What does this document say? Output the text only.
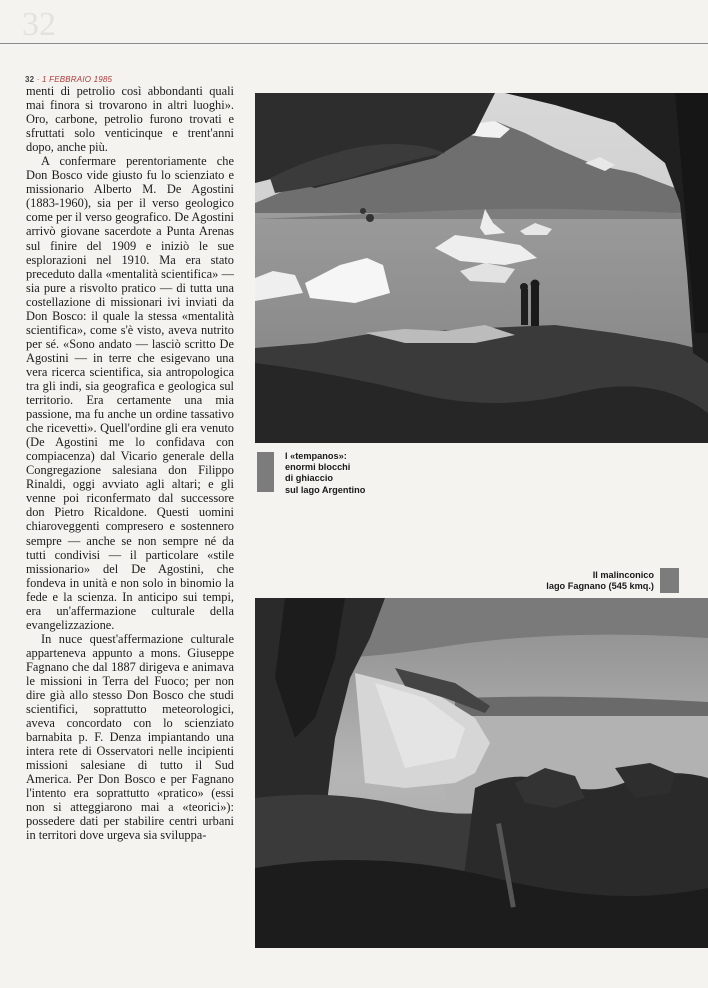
32
32 · 1 FEBBRAIO 1985

menti di petrolio così abbondanti quali mai finora si trovarono in altri luoghi». Oro, carbone, petrolio furono trovati e sfruttati solo venticinque e trent'anni dopo, anche più.

A confermare perentoriamente che Don Bosco vide giusto fu lo scienziato e missionario Alberto M. De Agostini (1883-1960), sia per il verso geologico come per il verso geografico. De Agostini arrivò giovane sacerdote a Punta Arenas sul finire del 1909 e iniziò le sue esplorazioni nel 1910. Ma era stato preceduto dalla «mentalità scientifica» — sia pure a risvolto pratico — di tutta una costellazione di missionari ivi inviati da Don Bosco: il quale la stessa «mentalità scientifica», come s'è visto, aveva nutrito per sé. «Sono andato — lasciò scritto De Agostini — in terre che esigevano una vera ricerca scientifica, sia antropologica tra gli indi, sia geografica e geologica sul territorio. Era certamente una mia passione, ma fu anche un ordine tassativo che ricevetti». Quell'ordine gli era venuto (De Agostini me lo confidava con compiacenza) dal Vicario generale della Congregazione salesiana don Filippo Rinaldi, oggi avviato agli altari; e gli venne poi riconfermato dal successore don Pietro Ricaldone. Questi uomini chiaroveggenti compresero e sostennero sempre — anche se non sempre né da tutti condivisi — il particolare «stile missionario» del De Agostini, che fondeva in unità e non solo in binomio la fede e la scienza. In anticipo sui tempi, era un'affermazione culturale della evangelizzazione.

In nuce quest'affermazione culturale apparteneva appunto a mons. Giuseppe Fagnano che dal 1887 dirigeva e animava le missioni in Terra del Fuoco; per non dire già allo stesso Don Bosco che studi scientifici, soprattutto meteorologici, aveva concordato con lo scienziato barnabita p. F. Denza impiantando una intera rete di Osservatori nelle incipienti missioni salesiane di tutto il Sud America. Per Don Bosco e per Fagnano l'intento era soprattutto «pratico» (essi non si atteggiarono mai a «teorici»): possedere dati per stabilire centri urbani in territori dove urgeva sia sviluppa-

I «tempanos»:
enormi blocchi
di ghiaccio
sul lago Argentino
Il malinconico
lago Fagnano (545 kmq.)
